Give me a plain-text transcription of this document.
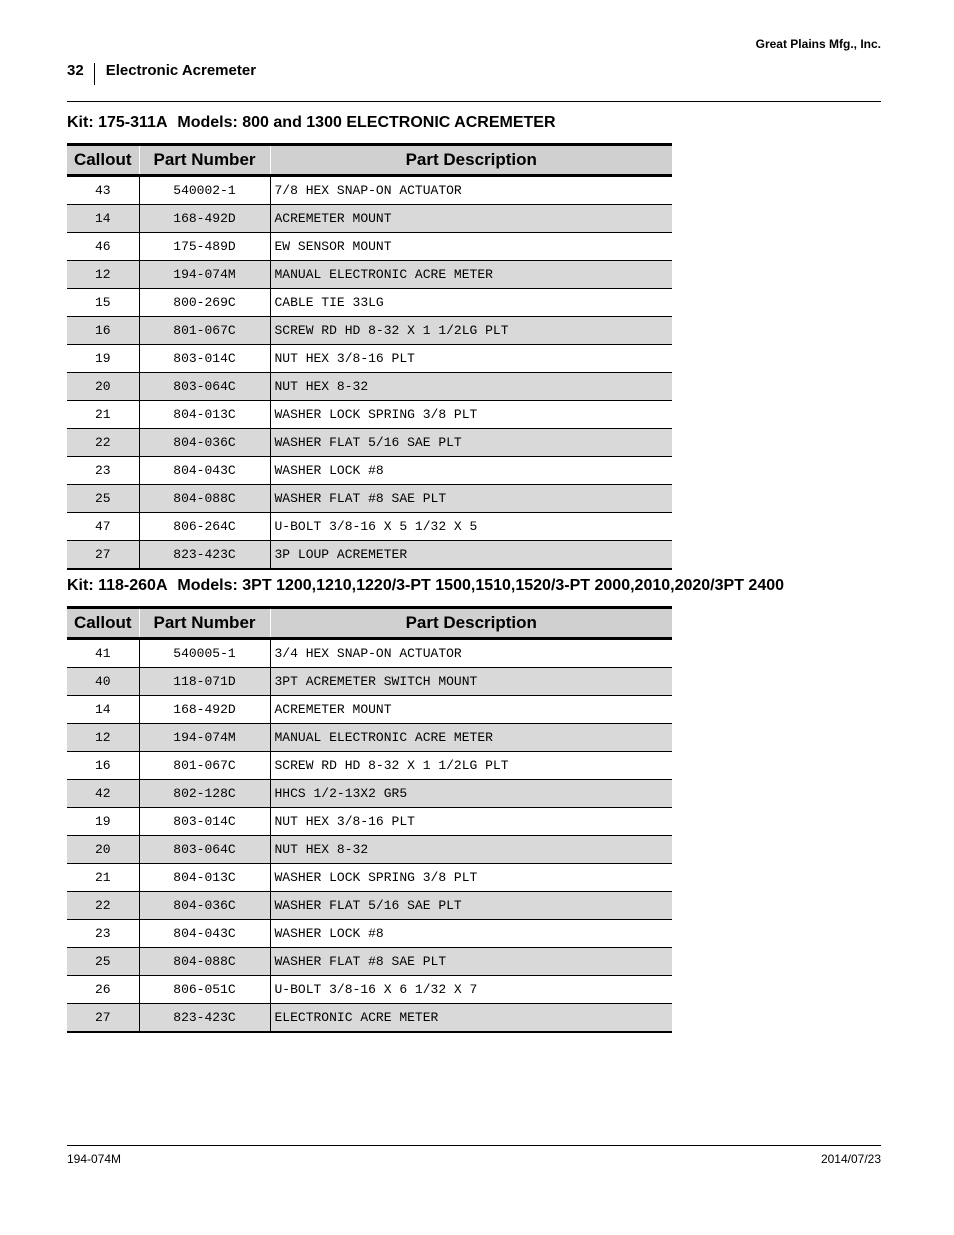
Great Plains Mfg., Inc.
32	Electronic Acremeter
Kit: 175-311A Models: 800 and 1300 ELECTRONIC ACREMETER
Callout	Part Number	Part Description
43	540002-1	7/8 HEX SNAP-ON ACTUATOR
14	168-492D	ACREMETER MOUNT
46	175-489D	EW SENSOR MOUNT
12	194-074M	MANUAL ELECTRONIC ACRE METER
15	800-269C	CABLE TIE 33LG
16	801-067C	SCREW RD HD 8-32 X 1 1/2LG PLT
19	803-014C	NUT HEX 3/8-16 PLT
20	803-064C	NUT HEX 8-32
21	804-013C	WASHER LOCK SPRING 3/8 PLT
22	804-036C	WASHER FLAT 5/16 SAE PLT
23	804-043C	WASHER LOCK #8
25	804-088C	WASHER FLAT #8 SAE PLT
47	806-264C	U-BOLT 3/8-16 X 5 1/32 X 5
27	823-423C	3P LOUP ACREMETER
Kit: 118-260A Models: 3PT 1200,1210,1220/3-PT 1500,1510,1520/3-PT 2000,2010,2020/3PT 2400
Callout	Part Number	Part Description
41	540005-1	3/4 HEX SNAP-ON ACTUATOR
40	118-071D	3PT ACREMETER SWITCH MOUNT
14	168-492D	ACREMETER MOUNT
12	194-074M	MANUAL ELECTRONIC ACRE METER
16	801-067C	SCREW RD HD 8-32 X 1 1/2LG PLT
42	802-128C	HHCS 1/2-13X2 GR5
19	803-014C	NUT HEX 3/8-16 PLT
20	803-064C	NUT HEX 8-32
21	804-013C	WASHER LOCK SPRING 3/8 PLT
22	804-036C	WASHER FLAT 5/16 SAE PLT
23	804-043C	WASHER LOCK #8
25	804-088C	WASHER FLAT #8 SAE PLT
26	806-051C	U-BOLT 3/8-16 X 6 1/32 X 7
27	823-423C	ELECTRONIC ACRE METER
194-074M	2014/07/23
